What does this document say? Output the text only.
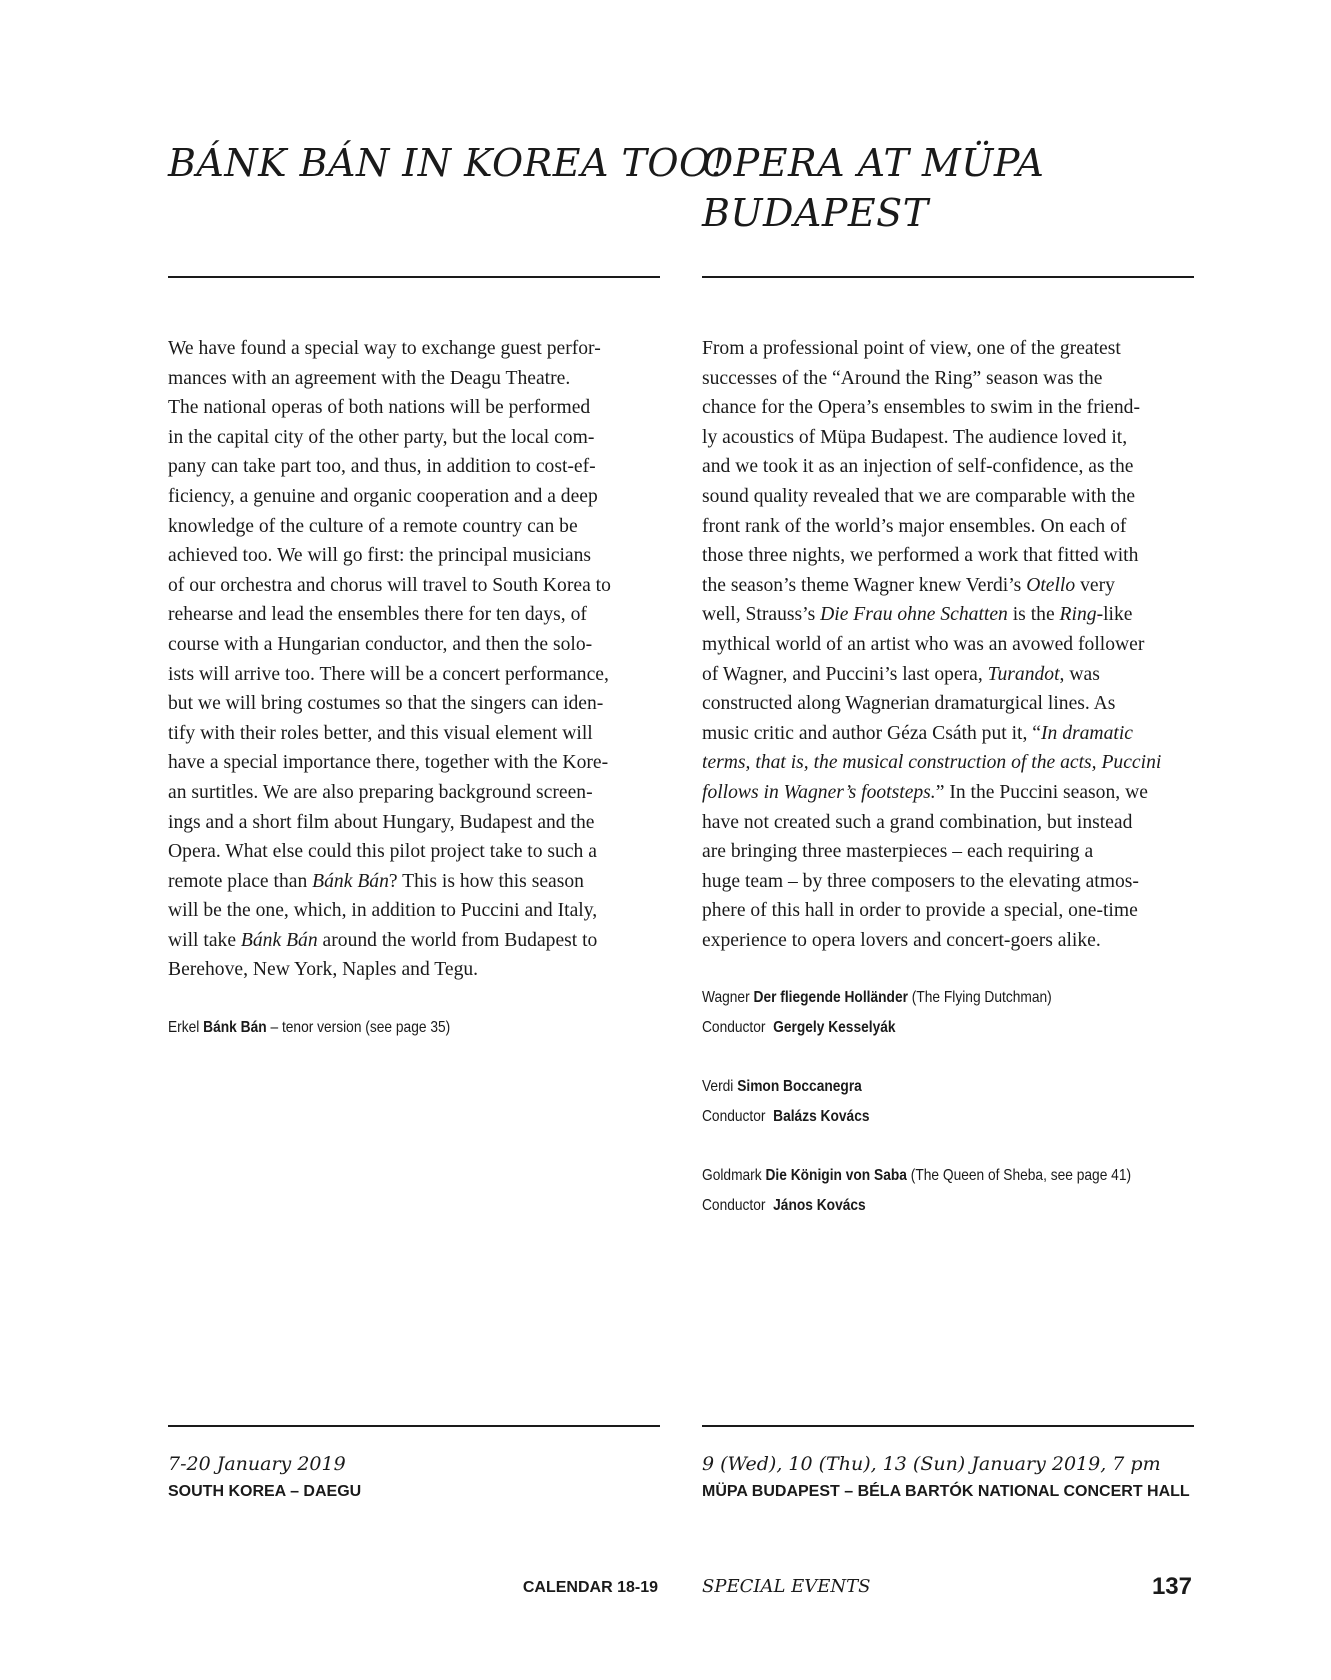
BÁNK BÁN IN KOREA TOO!
We have found a special way to exchange guest perfor-
mances with an agreement with the Deagu Theatre.
The national operas of both nations will be performed
in the capital city of the other party, but the local com-
pany can take part too, and thus, in addition to cost-ef-
ficiency, a genuine and organic cooperation and a deep
knowledge of the culture of a remote country can be
achieved too. We will go first: the principal musicians
of our orchestra and chorus will travel to South Korea to
rehearse and lead the ensembles there for ten days, of
course with a Hungarian conductor, and then the solo-
ists will arrive too. There will be a concert performance,
but we will bring costumes so that the singers can iden-
tify with their roles better, and this visual element will
have a special importance there, together with the Kore-
an surtitles. We are also preparing background screen-
ings and a short film about Hungary, Budapest and the
Opera. What else could this pilot project take to such a
remote place than Bánk Bán? This is how this season
will be the one, which, in addition to Puccini and Italy,
will take Bánk Bán around the world from Budapest to
Berehove, New York, Naples and Tegu.
Erkel Bánk Bán – tenor version (see page 35)
7-20 January 2019
SOUTH KOREA – DAEGU
OPERA AT MÜPA
BUDAPEST
From a professional point of view, one of the greatest
successes of the “Around the Ring” season was the
chance for the Opera’s ensembles to swim in the friend-
ly acoustics of Müpa Budapest. The audience loved it,
and we took it as an injection of self-confidence, as the
sound quality revealed that we are comparable with the
front rank of the world’s major ensembles. On each of
those three nights, we performed a work that fitted with
the season’s theme Wagner knew Verdi’s Otello very
well, Strauss’s Die Frau ohne Schatten is the Ring-like
mythical world of an artist who was an avowed follower
of Wagner, and Puccini’s last opera, Turandot, was
constructed along Wagnerian dramaturgical lines. As
music critic and author Géza Csáth put it, “In dramatic
terms, that is, the musical construction of the acts, Puccini
follows in Wagner’s footsteps.” In the Puccini season, we
have not created such a grand combination, but instead
are bringing three masterpieces – each requiring a
huge team – by three composers to the elevating atmos-
phere of this hall in order to provide a special, one-time
experience to opera lovers and concert-goers alike.
Wagner Der fliegende Holländer (The Flying Dutchman)
Conductor Gergely Kesselyák
Verdi Simon Boccanegra
Conductor Balázs Kovács
Goldmark Die Königin von Saba (The Queen of Sheba, see page 41)
Conductor János Kovács
9 (Wed), 10 (Thu), 13 (Sun) January 2019, 7 pm
MÜPA BUDAPEST – BÉLA BARTÓK NATIONAL CONCERT HALL
CALENDAR 18-19 SPECIAL EVENTS	137
